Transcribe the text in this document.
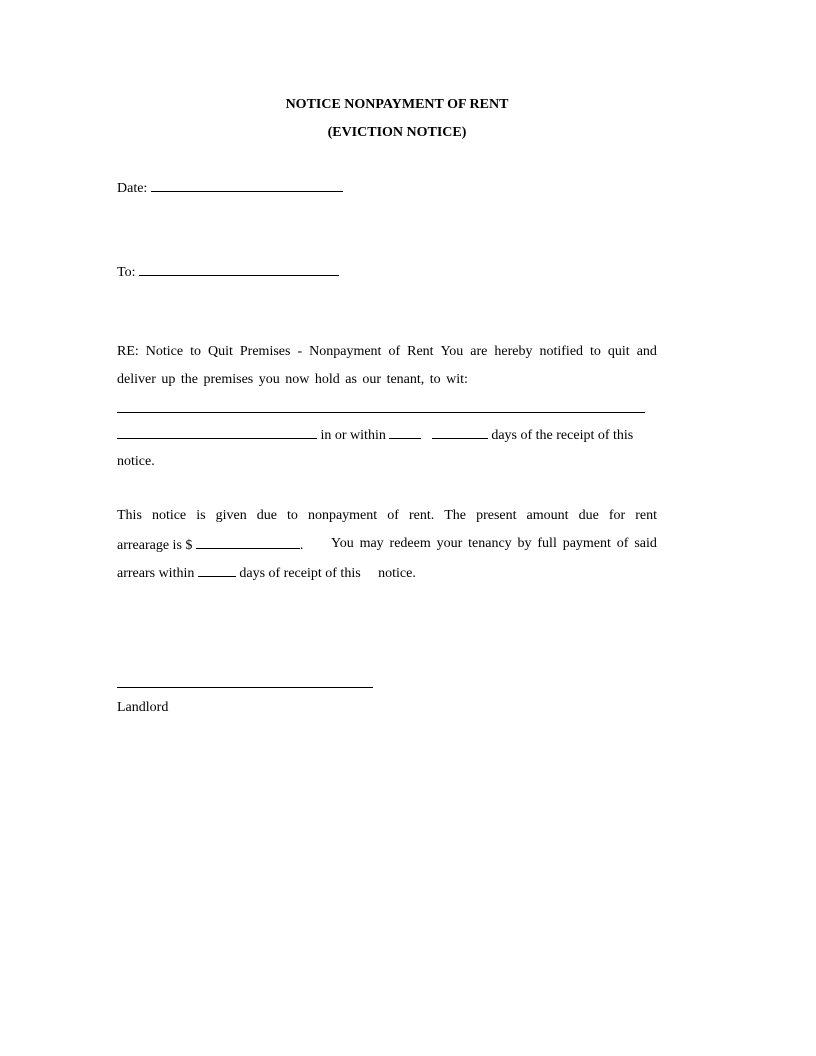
NOTICE NONPAYMENT OF RENT
(EVICTION NOTICE)
Date:
To:
RE: Notice to Quit Premises - Nonpayment of Rent You are hereby notified to quit and
deliver up the premises you now hold as our tenant, to wit:
in or within	days of the receipt of this
notice.
This notice is given due to nonpayment of rent. The present amount due for rent
arrearage is $	. You may redeem your tenancy by full payment of said
arrears within	days of receipt of this notice.
Landlord
